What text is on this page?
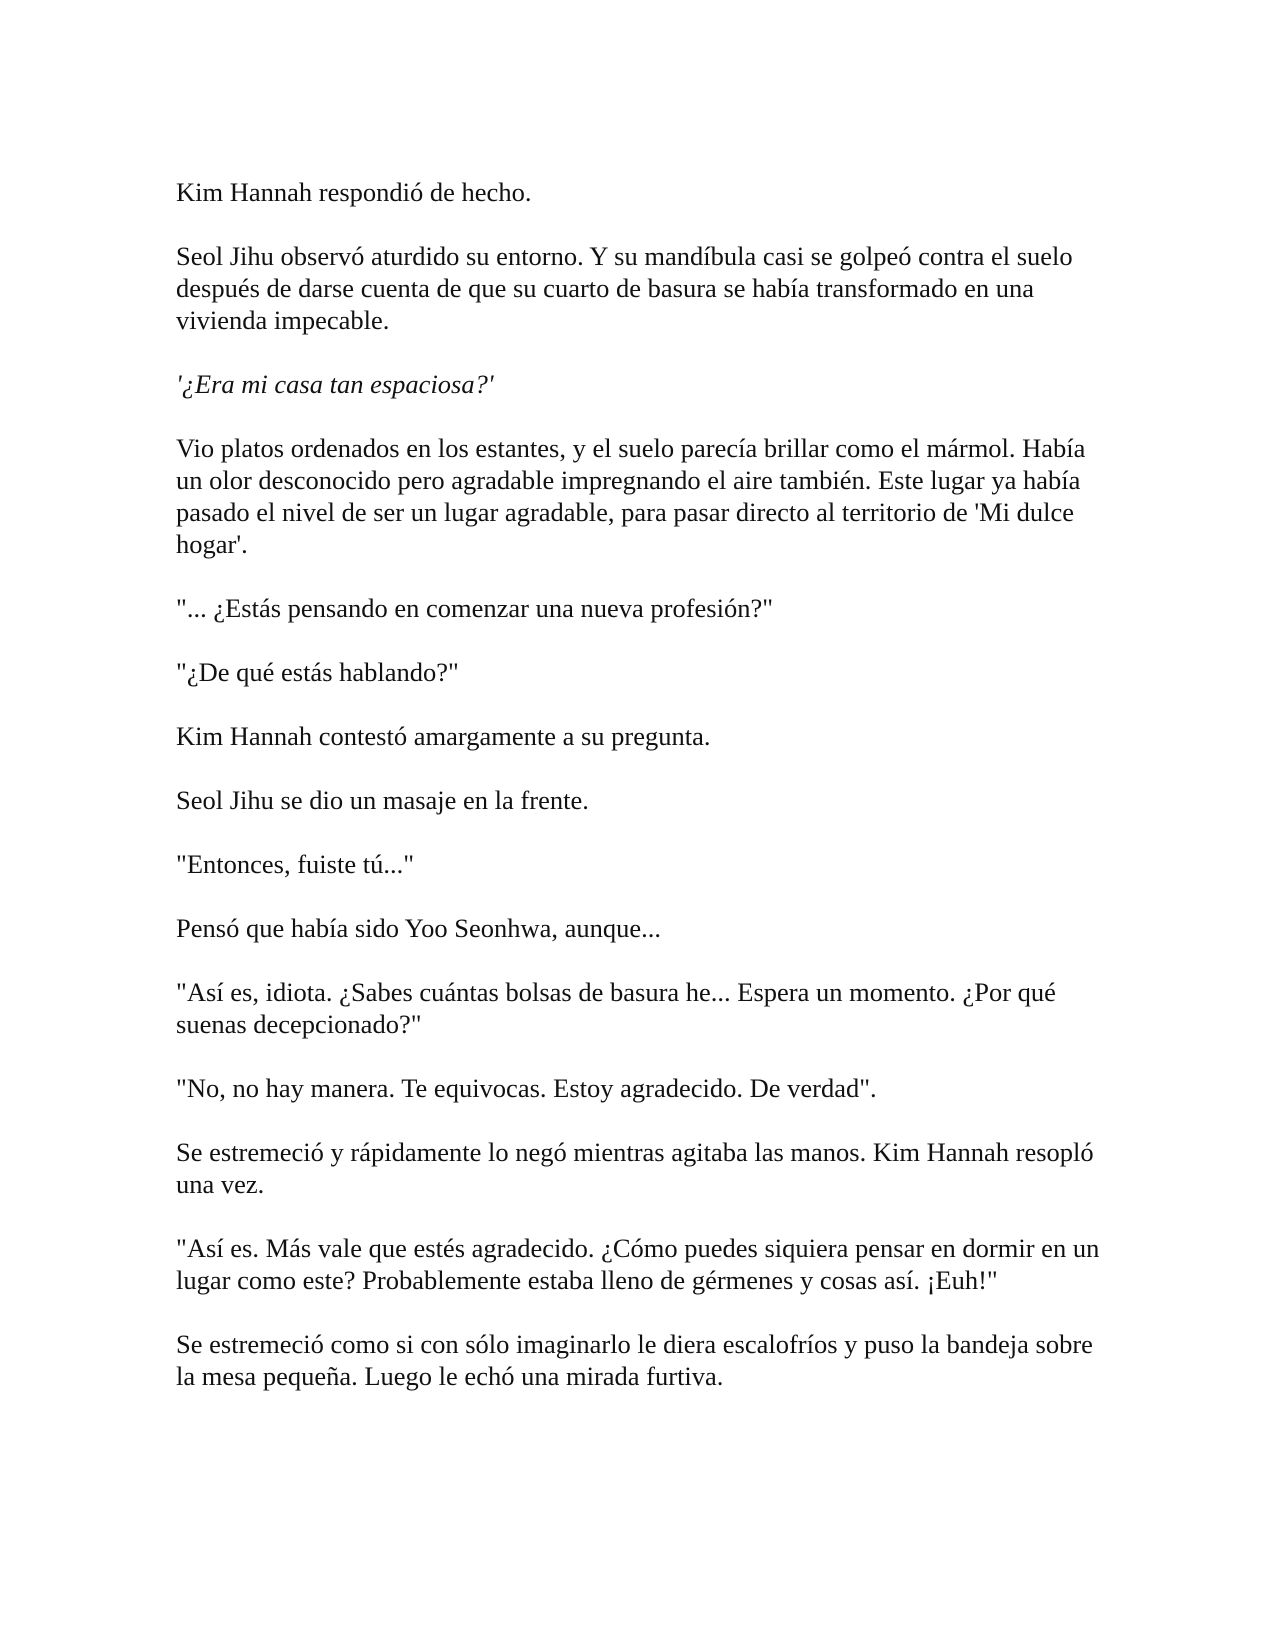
Kim Hannah respondió de hecho.

Seol Jihu observó aturdido su entorno. Y su mandíbula casi se golpeó contra el suelo después de darse cuenta de que su cuarto de basura se había transformado en una vivienda impecable.

'¿Era mi casa tan espaciosa?'

Vio platos ordenados en los estantes, y el suelo parecía brillar como el mármol. Había un olor desconocido pero agradable impregnando el aire también. Este lugar ya había pasado el nivel de ser un lugar agradable, para pasar directo al territorio de 'Mi dulce hogar'.

"... ¿Estás pensando en comenzar una nueva profesión?"

"¿De qué estás hablando?"

Kim Hannah contestó amargamente a su pregunta.

Seol Jihu se dio un masaje en la frente.

"Entonces, fuiste tú..."

Pensó que había sido Yoo Seonhwa, aunque...

"Así es, idiota. ¿Sabes cuántas bolsas de basura he... Espera un momento. ¿Por qué suenas decepcionado?"

"No, no hay manera. Te equivocas. Estoy agradecido. De verdad".

Se estremeció y rápidamente lo negó mientras agitaba las manos. Kim Hannah resopló una vez.

"Así es. Más vale que estés agradecido. ¿Cómo puedes siquiera pensar en dormir en un lugar como este? Probablemente estaba lleno de gérmenes y cosas así. ¡Euh!"

Se estremeció como si con sólo imaginarlo le diera escalofríos y puso la bandeja sobre la mesa pequeña. Luego le echó una mirada furtiva.
